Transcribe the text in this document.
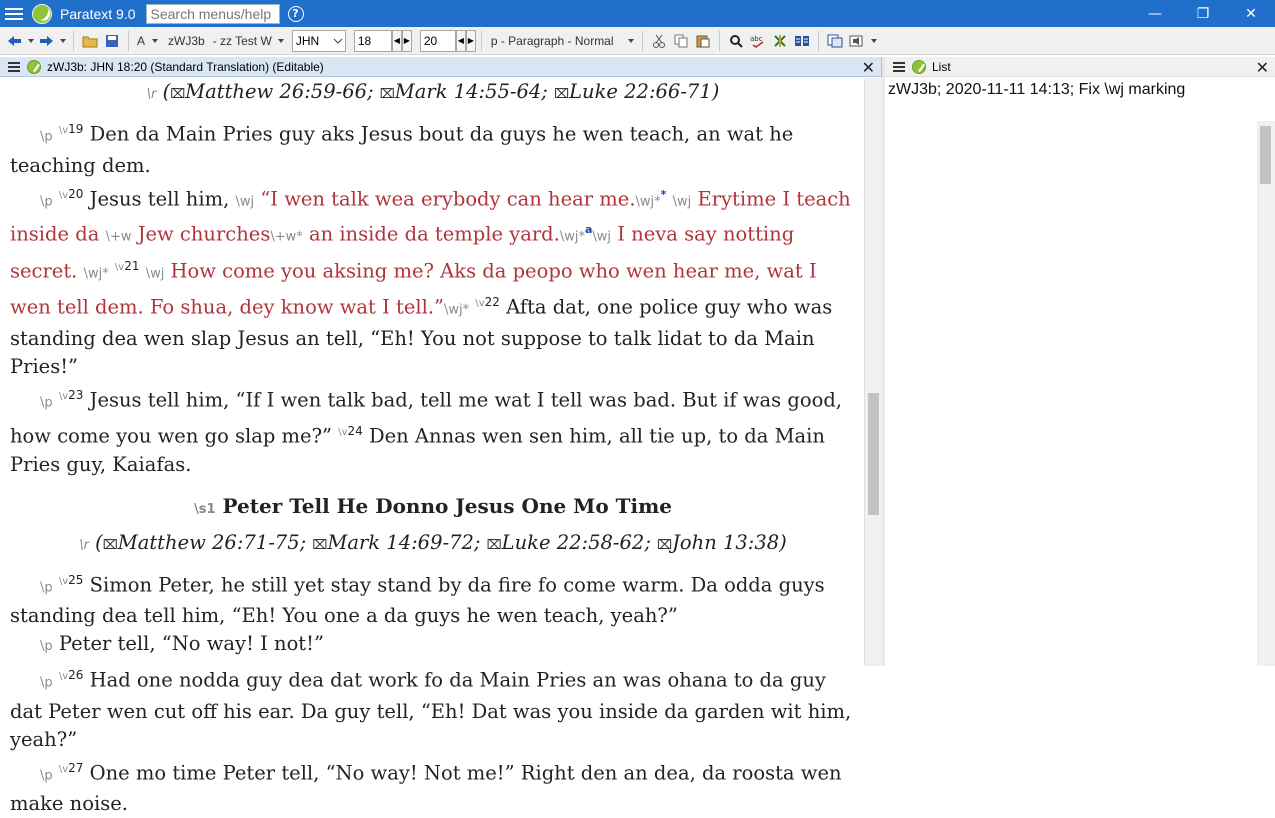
Paratext 9.0	Search menus/help	?	—	❐	✕
A zWJ3b - zz Test W JHN	18	◀ ▶	20	◀ ▶	p - Paragraph - Normal	abc
zWJ3b: JHN 18:20 (Standard Translation) (Editable)	✕
\r (⌧Matthew 26:59-66; ⌧Mark 14:55-64; ⌧Luke 22:66-71)
\p $^{\backslash v19}$ Den da Main Pries guy aks Jesus bout da guys he wen teach, an wat he teaching dem.
\p $^{\backslash v20}$ Jesus tell him, \wj “I wen talk wea erybody can hear me.\wj** \wj Erytime I teach inside da \+w Jew churches\+w* an inside da temple yard.\wj*$^a$\wj I neva say notting secret. \wj* $^{\backslash v21}$ \wj How come you aksing me? Aks da peopo who wen hear me, wat I wen tell dem. Fo shua, dey know wat I tell.”\wj* $^{\backslash v22}$ Afta dat, one police guy who was standing dea wen slap Jesus an tell, “Eh! You not suppose to talk lidat to da Main Pries!”
\p $^{\backslash v23}$ Jesus tell him, “If I wen talk bad, tell me wat I tell was bad. But if was good, how come you wen go slap me?” $^{\backslash v24}$ Den Annas wen sen him, all tie up, to da Main Pries guy, Kaiafas.
\s1 Peter Tell He Donno Jesus One Mo Time
\r (⌧Matthew 26:71-75; ⌧Mark 14:69-72; ⌧Luke 22:58-62; ⌧John 13:38)
\p $^{\backslash v25}$ Simon Peter, he still yet stay stand by da fire fo come warm. Da odda guys standing dea tell him, “Eh! You one a da guys he wen teach, yeah?”
\p Peter tell, “No way! I not!”
\p $^{\backslash v26}$ Had one nodda guy dea dat work fo da Main Pries an was ohana to da guy dat Peter wen cut off his ear. Da guy tell, “Eh! Dat was you inside da garden wit him, yeah?”
\p $^{\backslash v27}$ One mo time Peter tell, “No way! Not me!” Right den an dea, da roosta wen make noise.
List	✕
zWJ3b; 2020-11-11 14:13; Fix \wj marking
